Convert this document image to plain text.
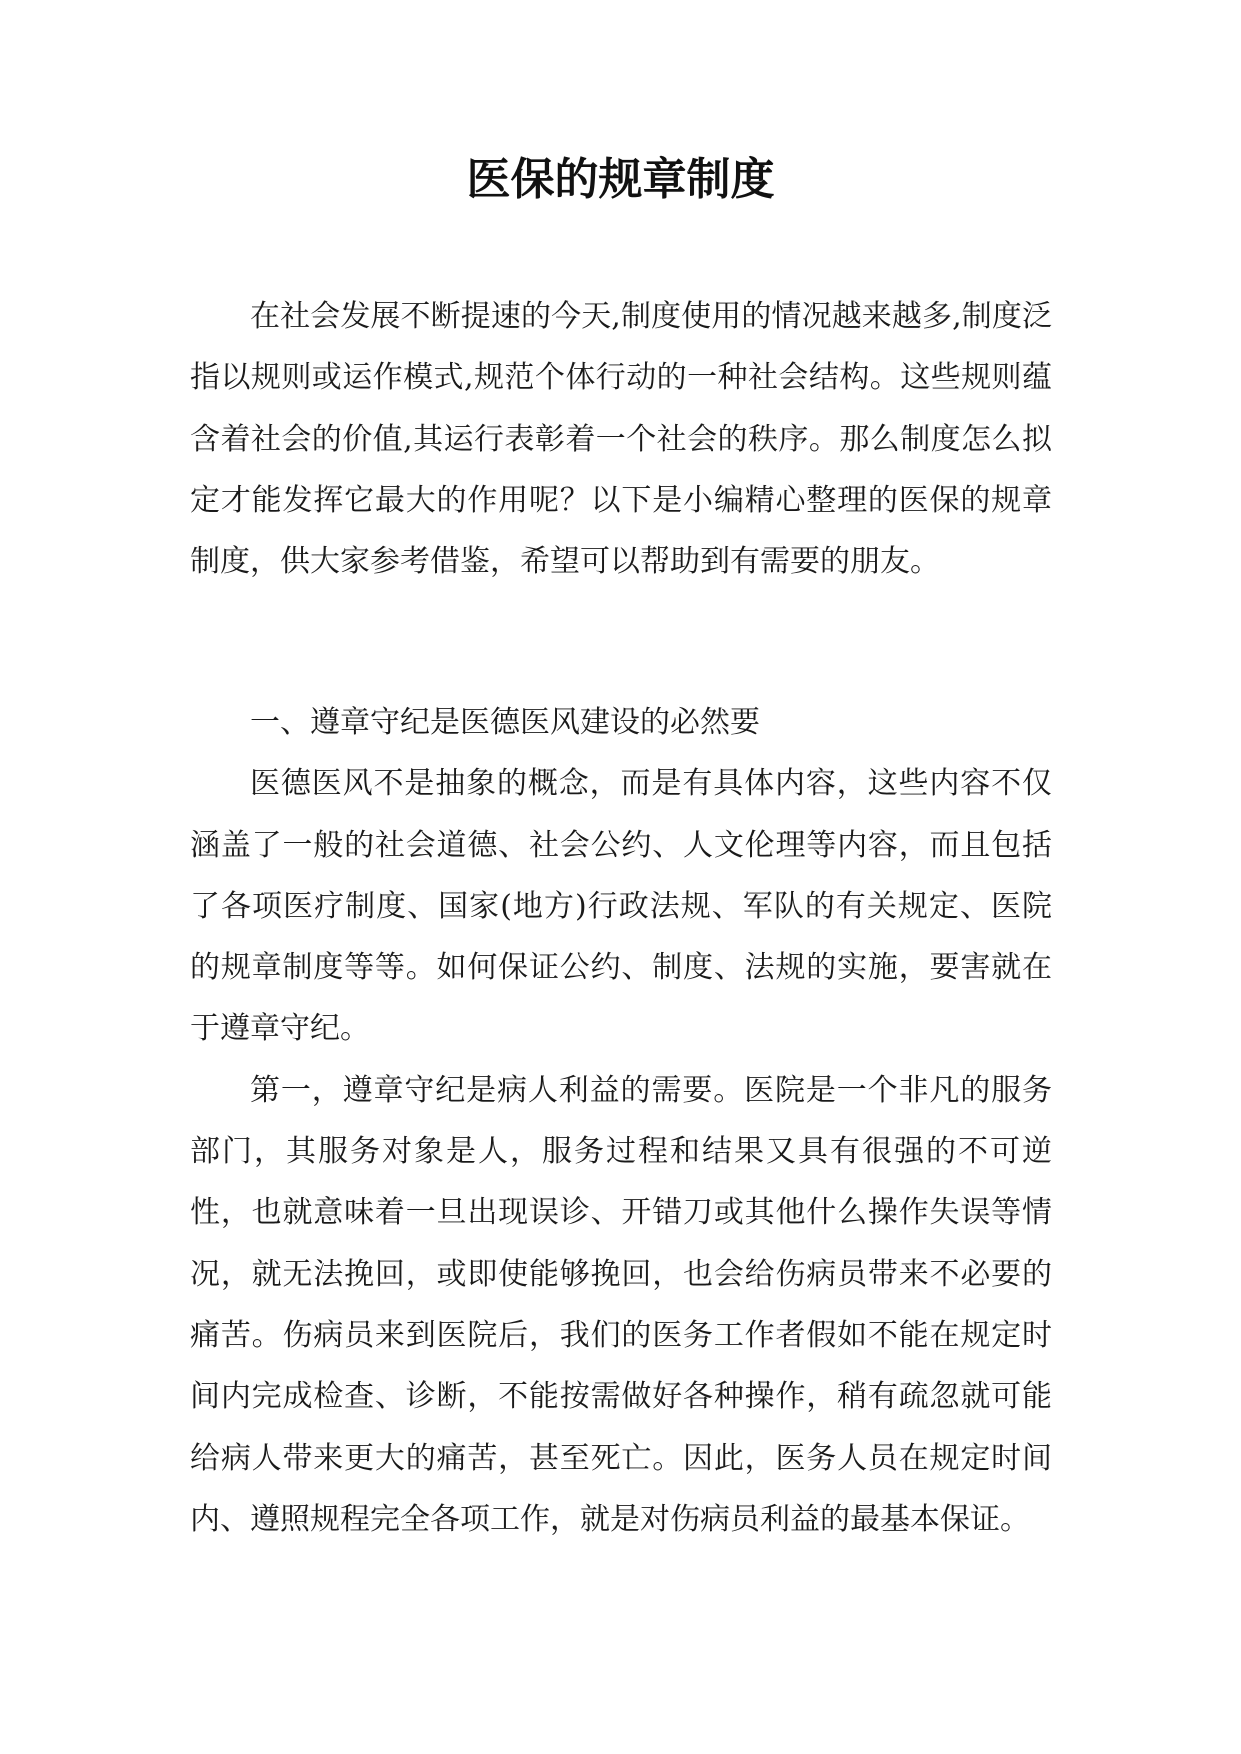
医保的规章制度

在社会发展不断提速的今天,制度使用的情况越来越多,制度泛指以规则或运作模式,规范个体行动的一种社会结构。这些规则蕴含着社会的价值,其运行表彰着一个社会的秩序。那么制度怎么拟定才能发挥它最大的作用呢？以下是小编精心整理的医保的规章制度，供大家参考借鉴，希望可以帮助到有需要的朋友。

一、遵章守纪是医德医风建设的必然要

医德医风不是抽象的概念，而是有具体内容，这些内容不仅涵盖了一般的社会道德、社会公约、人文伦理等内容，而且包括了各项医疗制度、国家(地方)行政法规、军队的有关规定、医院的规章制度等等。如何保证公约、制度、法规的实施，要害就在于遵章守纪。

第一，遵章守纪是病人利益的需要。医院是一个非凡的服务部门，其服务对象是人，服务过程和结果又具有很强的不可逆性，也就意味着一旦出现误诊、开错刀或其他什么操作失误等情况，就无法挽回，或即使能够挽回，也会给伤病员带来不必要的痛苦。伤病员来到医院后，我们的医务工作者假如不能在规定时间内完成检查、诊断，不能按需做好各种操作，稍有疏忽就可能给病人带来更大的痛苦，甚至死亡。因此，医务人员在规定时间内、遵照规程完全各项工作，就是对伤病员利益的最基本保证。
